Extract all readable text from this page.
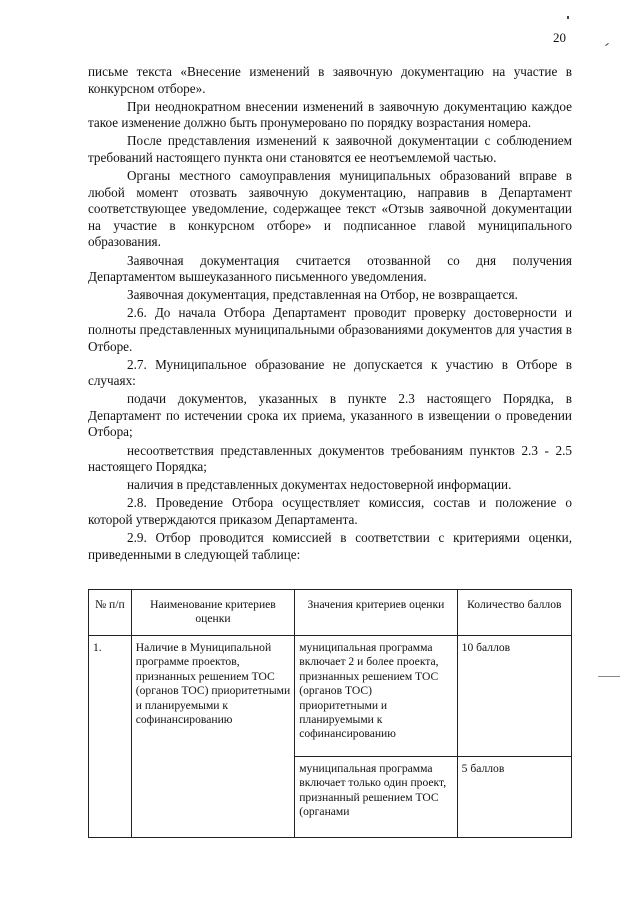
20

письме текста «Внесение изменений в заявочную документацию на участие в конкурсном отборе».

При неоднократном внесении изменений в заявочную документацию каждое такое изменение должно быть пронумеровано по порядку возрастания номера.

После представления изменений к заявочной документации с соблюдением требований настоящего пункта они становятся ее неотъемлемой частью.

Органы местного самоуправления муниципальных образований вправе в любой момент отозвать заявочную документацию, направив в Департамент соответствующее уведомление, содержащее текст «Отзыв заявочной документации на участие в конкурсном отборе» и подписанное главой муниципального образования.

Заявочная документация считается отозванной со дня получения Департаментом вышеуказанного письменного уведомления.

Заявочная документация, представленная на Отбор, не возвращается.

2.6. До начала Отбора Департамент проводит проверку достоверности и полноты представленных муниципальными образованиями документов для участия в Отборе.

2.7. Муниципальное образование не допускается к участию в Отборе в случаях:

подачи документов, указанных в пункте 2.3 настоящего Порядка, в Департамент по истечении срока их приема, указанного в извещении о проведении Отбора;

несоответствия представленных документов требованиям пунктов 2.3 - 2.5 настоящего Порядка;

наличия в представленных документах недостоверной информации.

2.8. Проведение Отбора осуществляет комиссия, состав и положение о которой утверждаются приказом Департамента.

2.9. Отбор проводится комиссией в соответствии с критериями оценки, приведенными в следующей таблице:

№ п/п	Наименование критериев оценки	Значения критериев оценки	Количество баллов
1.	Наличие в Муниципальной программе проектов, признанных решением ТОС (органов ТОС) приоритетными и планируемыми к софинансированию	муниципальная программа включает 2 и более проекта, признанных решением ТОС (органов ТОС) приоритетными и планируемыми к софинансированию	10 баллов
		муниципальная программа включает только один проект, признанный решением ТОС (органами	5 баллов
